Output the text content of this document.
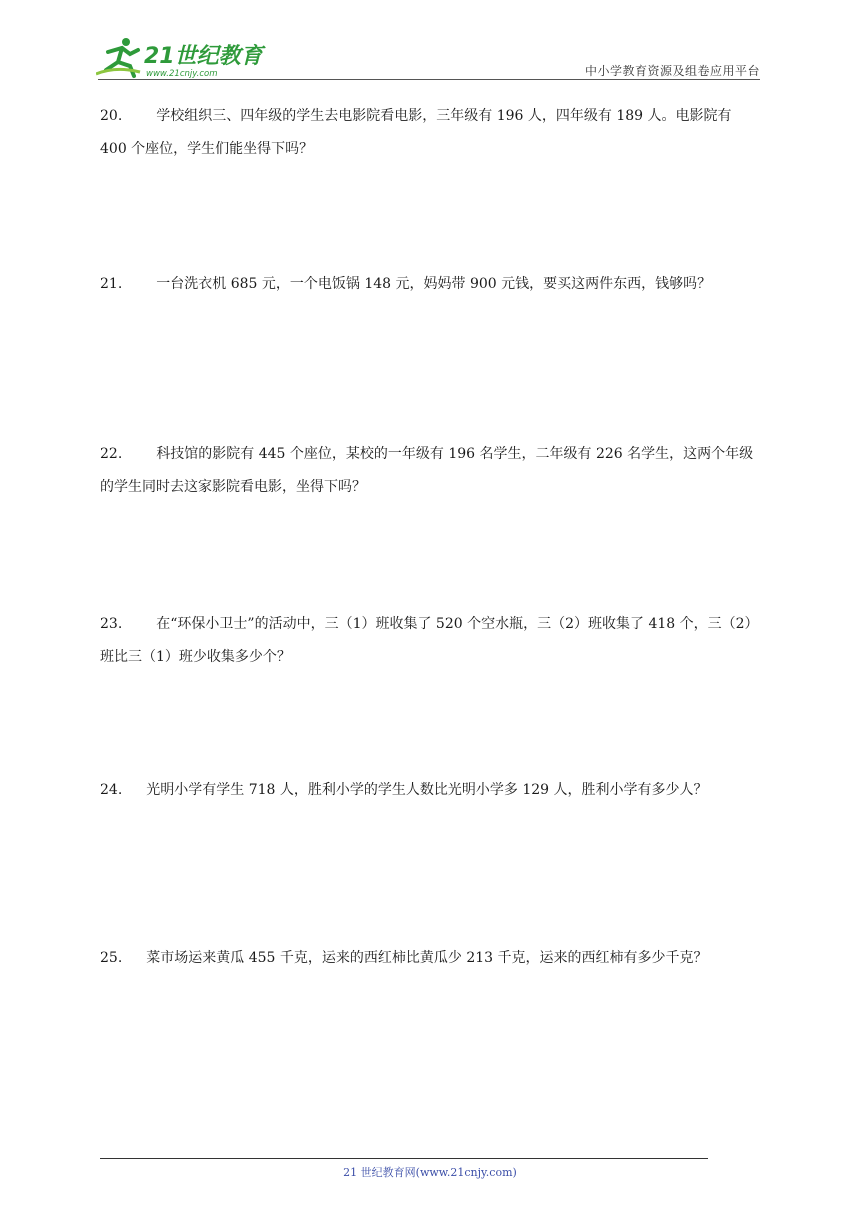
21世纪教育
www.21cnjy.com	中小学教育资源及组卷应用平台
20. 学校组织三、四年级的学生去电影院看电影，三年级有 196 人，四年级有 189 人。电影院有 400 个座位，学生们能坐得下吗？
21. 一台洗衣机 685 元，一个电饭锅 148 元，妈妈带 900 元钱，要买这两件东西，钱够吗？
22. 科技馆的影院有 445 个座位，某校的一年级有 196 名学生，二年级有 226 名学生，这两个年级的学生同时去这家影院看电影，坐得下吗？
23. 在“环保小卫士”的活动中，三（1）班收集了 520 个空水瓶，三（2）班收集了 418 个，三（2）班比三（1）班少收集多少个？
24. 光明小学有学生 718 人，胜利小学的学生人数比光明小学多 129 人，胜利小学有多少人？
25. 菜市场运来黄瓜 455 千克，运来的西红柿比黄瓜少 213 千克，运来的西红柿有多少千克？
21 世纪教育网(www.21cnjy.com)
